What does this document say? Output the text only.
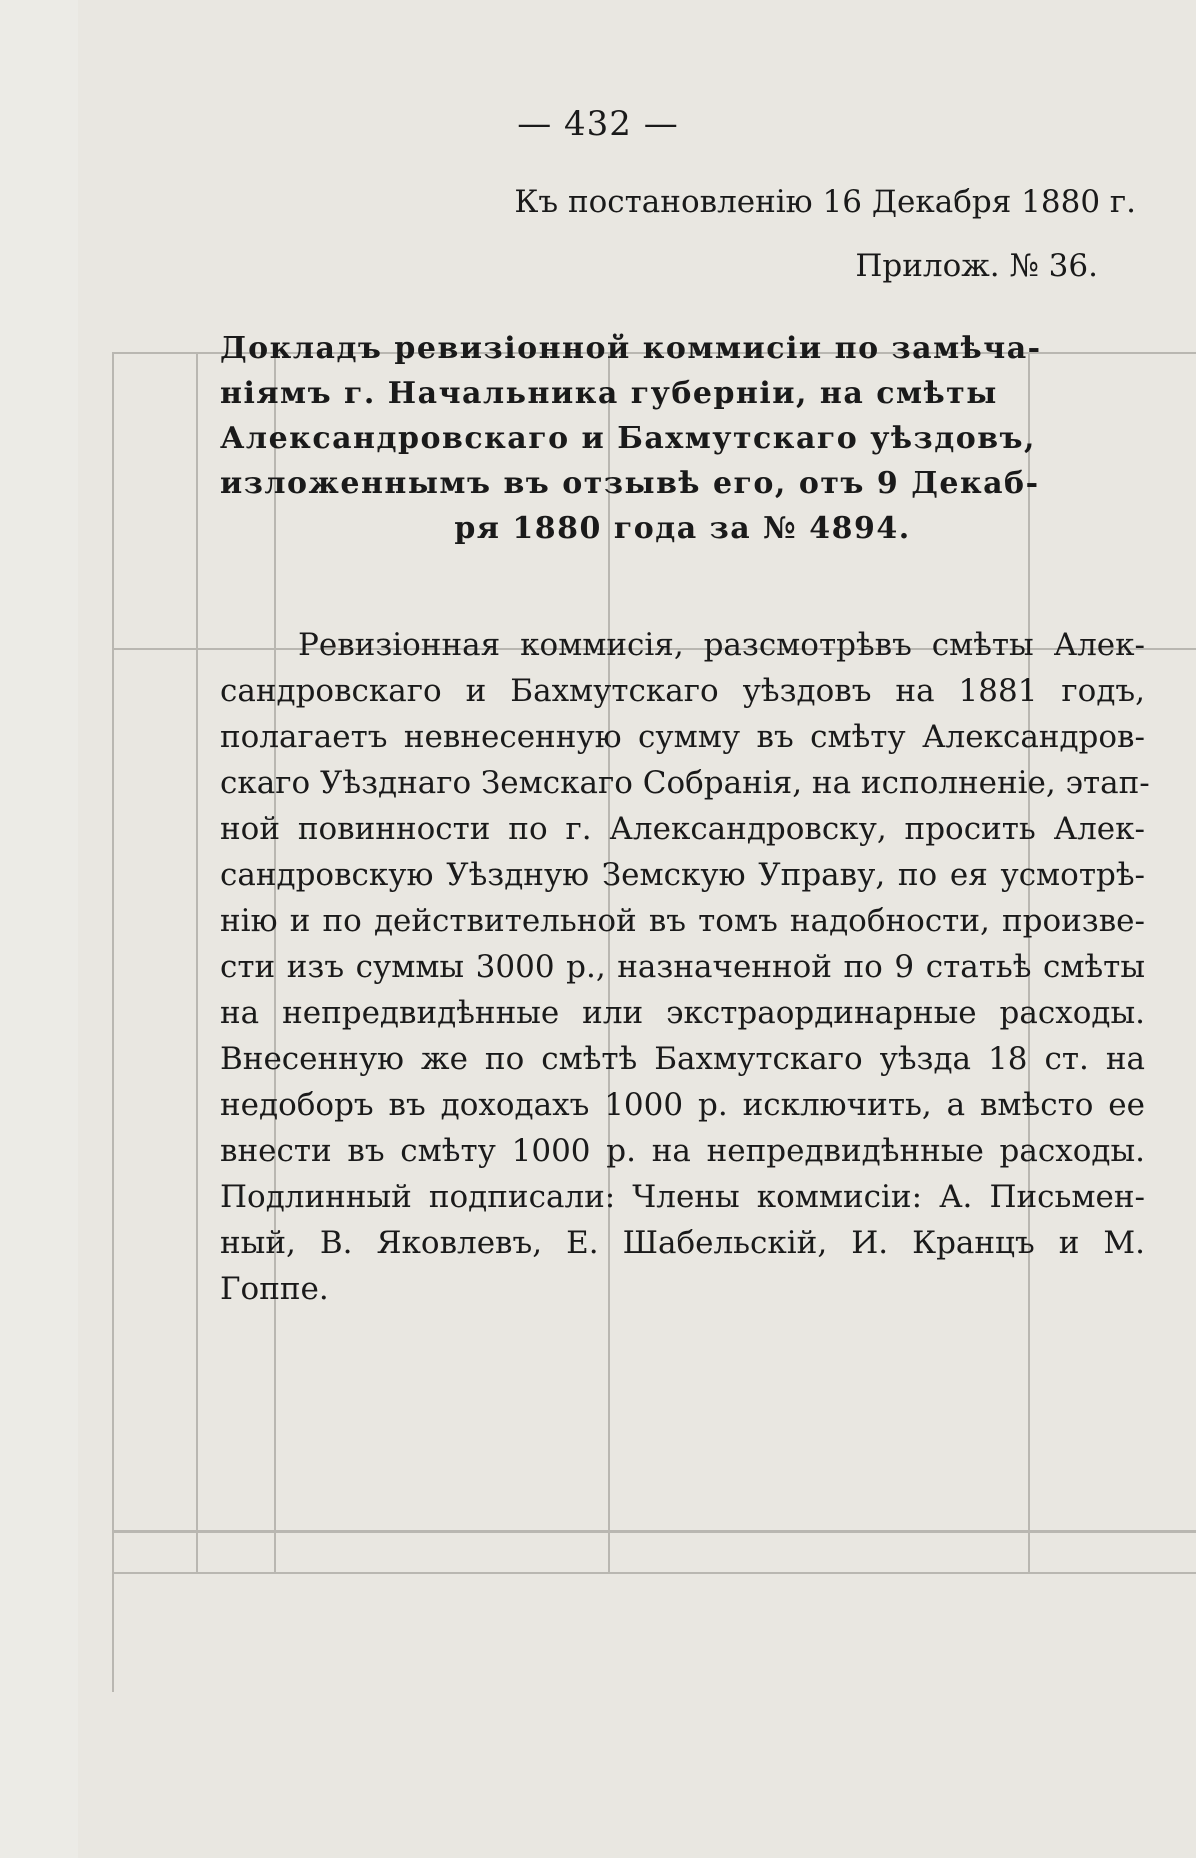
— 432 —
Къ постановленію 16 Декабря 1880 г.
Прилож. № 36.
Докладъ ревизіонной коммисіи по замѣча-
ніямъ г. Начальника губерніи, на смѣты
Александровскаго и Бахмутскаго уѣздовъ,
изложеннымъ въ отзывѣ его, отъ 9 Декаб-
ря 1880 года за № 4894.
Ревизіонная коммисія, разсмотрѣвъ смѣты Алек-
сандровскаго и Бахмутскаго уѣздовъ на 1881 годъ,
полагаетъ невнесенную сумму въ смѣту Александров-
скаго Уѣзднаго Земскаго Собранія, на исполненіе, этап-
ной повинности по г. Александровску, просить Алек-
сандровскую Уѣздную Земскую Управу, по ея усмотрѣ-
нію и по действительной въ томъ надобности, произве-
сти изъ суммы 3000 р., назначенной по 9 статьѣ смѣты
на непредвидѣнные или экстраординарные расходы.
Внесенную же по смѣтѣ Бахмутскаго уѣзда 18 ст. на
недоборъ въ доходахъ 1000 р. исключить, а вмѣсто ее
внести въ смѣту 1000 р. на непредвидѣнные расходы.
Подлинный подписали: Члены коммисіи: А. Письмен-
ный, В. Яковлевъ, Е. Шабельскій, И. Кранцъ и М.
Гоппе.
